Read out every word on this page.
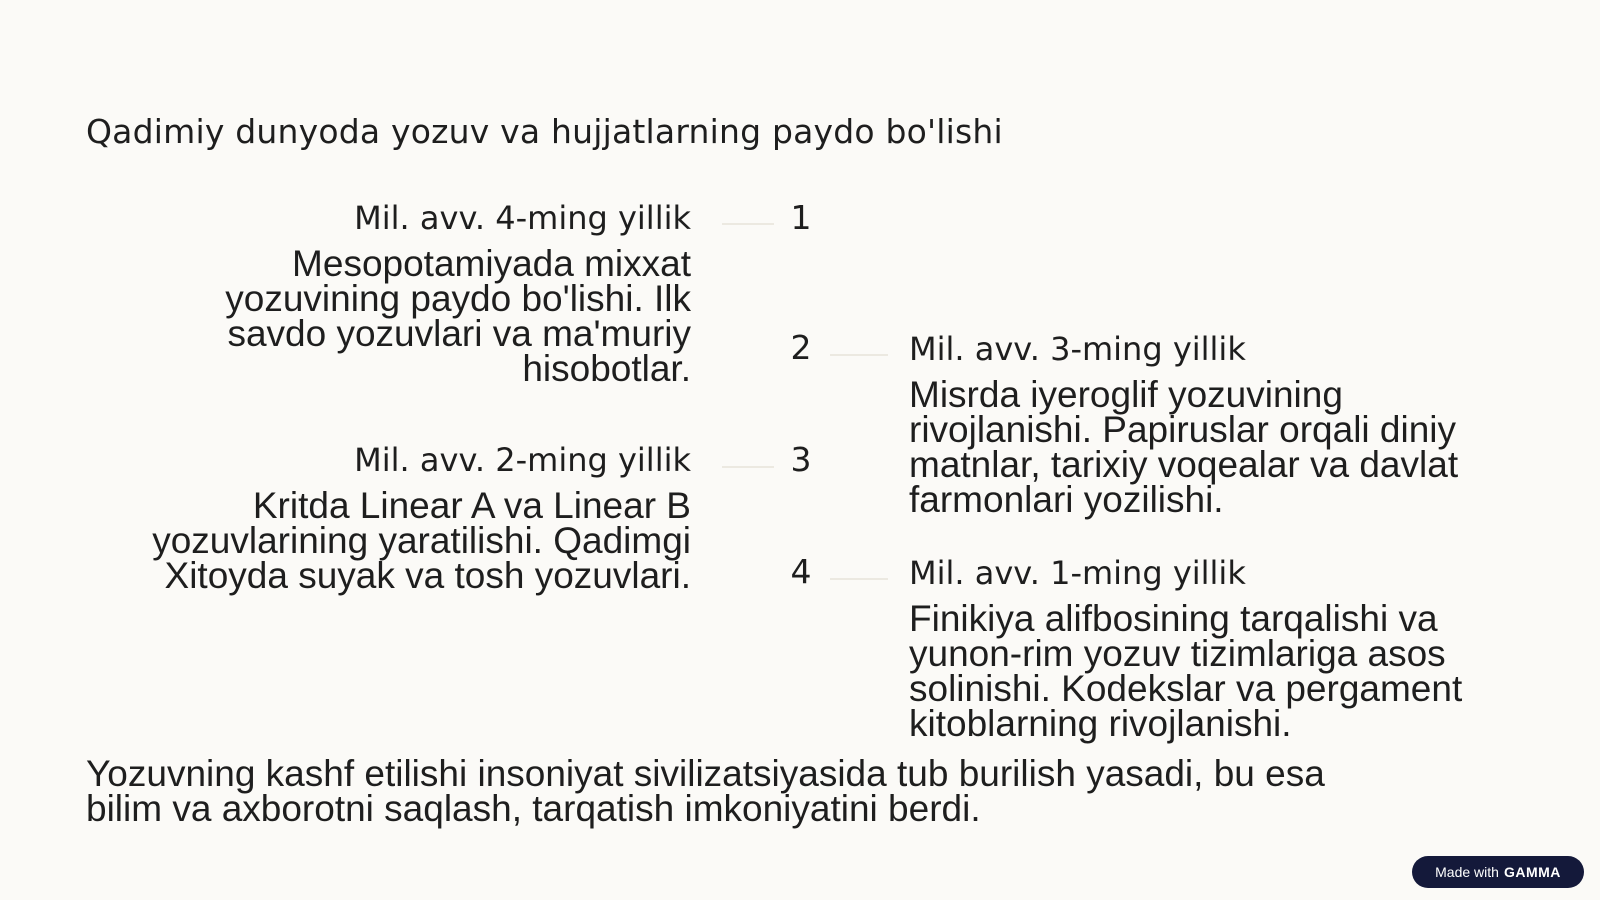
Qadimiy dunyoda yozuv va hujjatlarning paydo bo'lishi
Mil. avv. 4-ming yillik
Mesopotamiyada mixxat yozuvining paydo bo'lishi. Ilk savdo yozuvlari va ma'muriy hisobotlar.
1
2	Mil. avv. 3-ming yillik
Misrda iyeroglif yozuvining rivojlanishi. Papiruslar orqali diniy matnlar, tarixiy voqealar va davlat farmonlari yozilishi.
Mil. avv. 2-ming yillik
Kritda Linear A va Linear B yozuvlarining yaratilishi. Qadimgi Xitoyda suyak va tosh yozuvlari.
3
4	Mil. avv. 1-ming yillik
Finikiya alifbosining tarqalishi va yunon-rim yozuv tizimlariga asos solinishi. Kodekslar va pergament kitoblarning rivojlanishi.
Yozuvning kashf etilishi insoniyat sivilizatsiyasida tub burilish yasadi, bu esa bilim va axborotni saqlash, tarqatish imkoniyatini berdi.
Made with GAMMA
